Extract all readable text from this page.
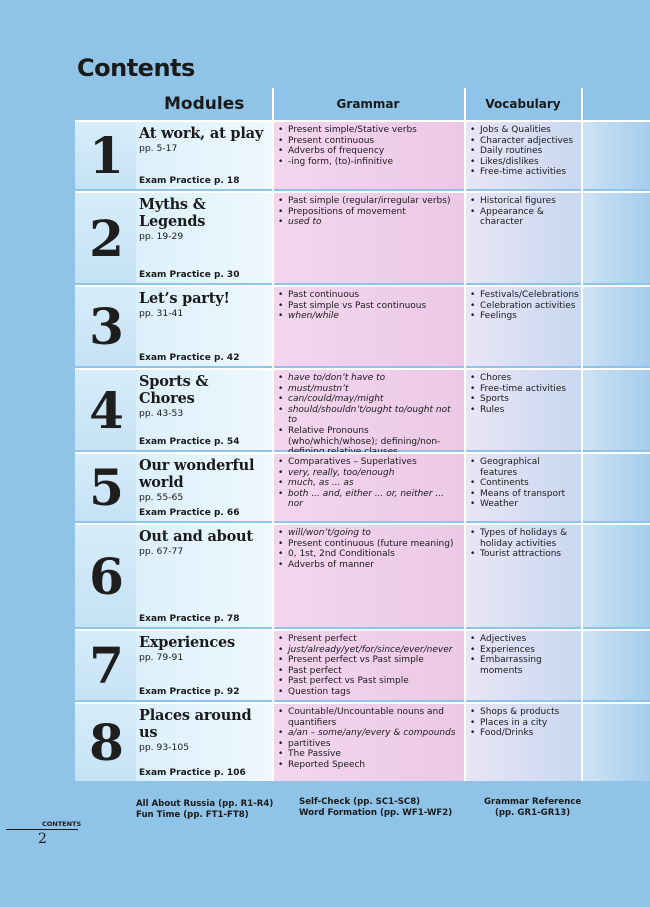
Contents
Modules	Grammar	Vocabulary
1 At work, at play
pp. 5-17
Exam Practice p. 18
• Present simple/Stative verbs
• Present continuous
• Adverbs of frequency
• -ing form, (to)-infinitive
• Jobs & Qualities
• Character adjectives
• Daily routines
• Likes/dislikes
• Free-time activities
2
Myths & Legends
pp. 19-29
Exam Practice p. 30
• Past simple (regular/irregular verbs)
• Prepositions of movement
• used to
• Historical figures
• Appearance & character
3 Let’s party!
pp. 31-41
Exam Practice p. 42
• Past continuous
• Past simple vs Past continuous
• when/while
• Festivals/Celebrations
• Celebration activities
• Feelings
4 Sports & Chores
pp. 43-53
Exam Practice p. 54
• have to/don’t have to
• must/mustn’t
• can/could/may/might
• should/shouldn’t/ought to/ought not to
• Relative Pronouns (who/which/whose); defining/non-
• Chores
• Free-time activities
• Sports
• Rules
5 Our wonderful world
pp. 55-65
Exam Practice p. 66
• Comparatives – Superlatives
• very, really, too/enough
• much, as ... as
• both ... and, either ... or, neither ... nor
• Geographical features
• Continents
• Means of transport
• Weather
6
Out and about
pp. 67-77
Exam Practice p. 78
• will/won’t/going to
• Present continuous (future meaning)
• 0, 1st, 2nd Conditionals
• Adverbs of manner
• Types of holidays & holiday activities
• Tourist attractions
7 Experiences
pp. 79-91
Exam Practice p. 92
• Present perfect
• just/already/yet/for/since/ever/never
• Present perfect vs Past simple
• Past perfect
• Past perfect vs Past simple
• Question tags
• Adjectives
• Experiences
• Embarrassing moments
8 Places around us
pp. 93-105
Exam Practice p. 106
• Countable/Uncountable nouns and quantifiers
• a/an – some/any/every & compounds
• partitives
• The Passive
• Reported Speech
• Shops & products
• Places in a city
• Food/Drinks
All About Russia (pp. R1-R4)
Fun Time (pp. FT1-FT8)
Self-Check (pp. SC1-SC8)
Word Formation (pp. WF1-WF2)
Grammar Reference
(pp. GR1-GR13)
CONTENTS
2
